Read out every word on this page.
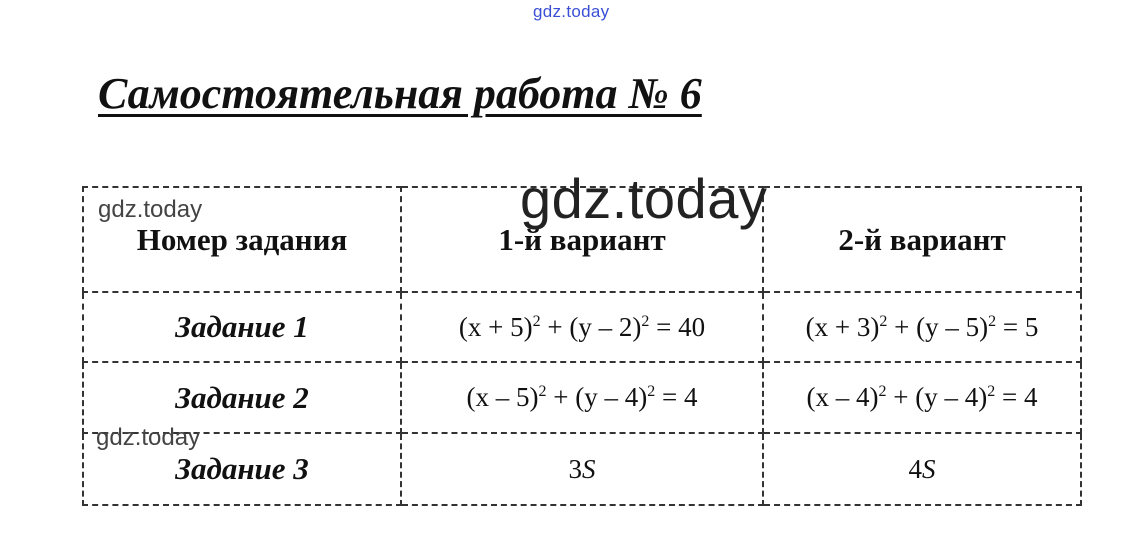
gdz.today
Самостоятельная работа № 6
Номер задания	1-й вариант	2-й вариант
Задание 1	$(x + 5)^2 + (y - 2)^2 = 40$	$(x + 3)^2 + (y - 5)^2 = 5$
Задание 2	(x – 5)$^2$ + (y – 4)$^2$ = 4	(x – 4)$^2$ + (y – 4)$^2$ = 4
Задание 3	3S	4S
gdz.today
gdz.today
gdz.today
